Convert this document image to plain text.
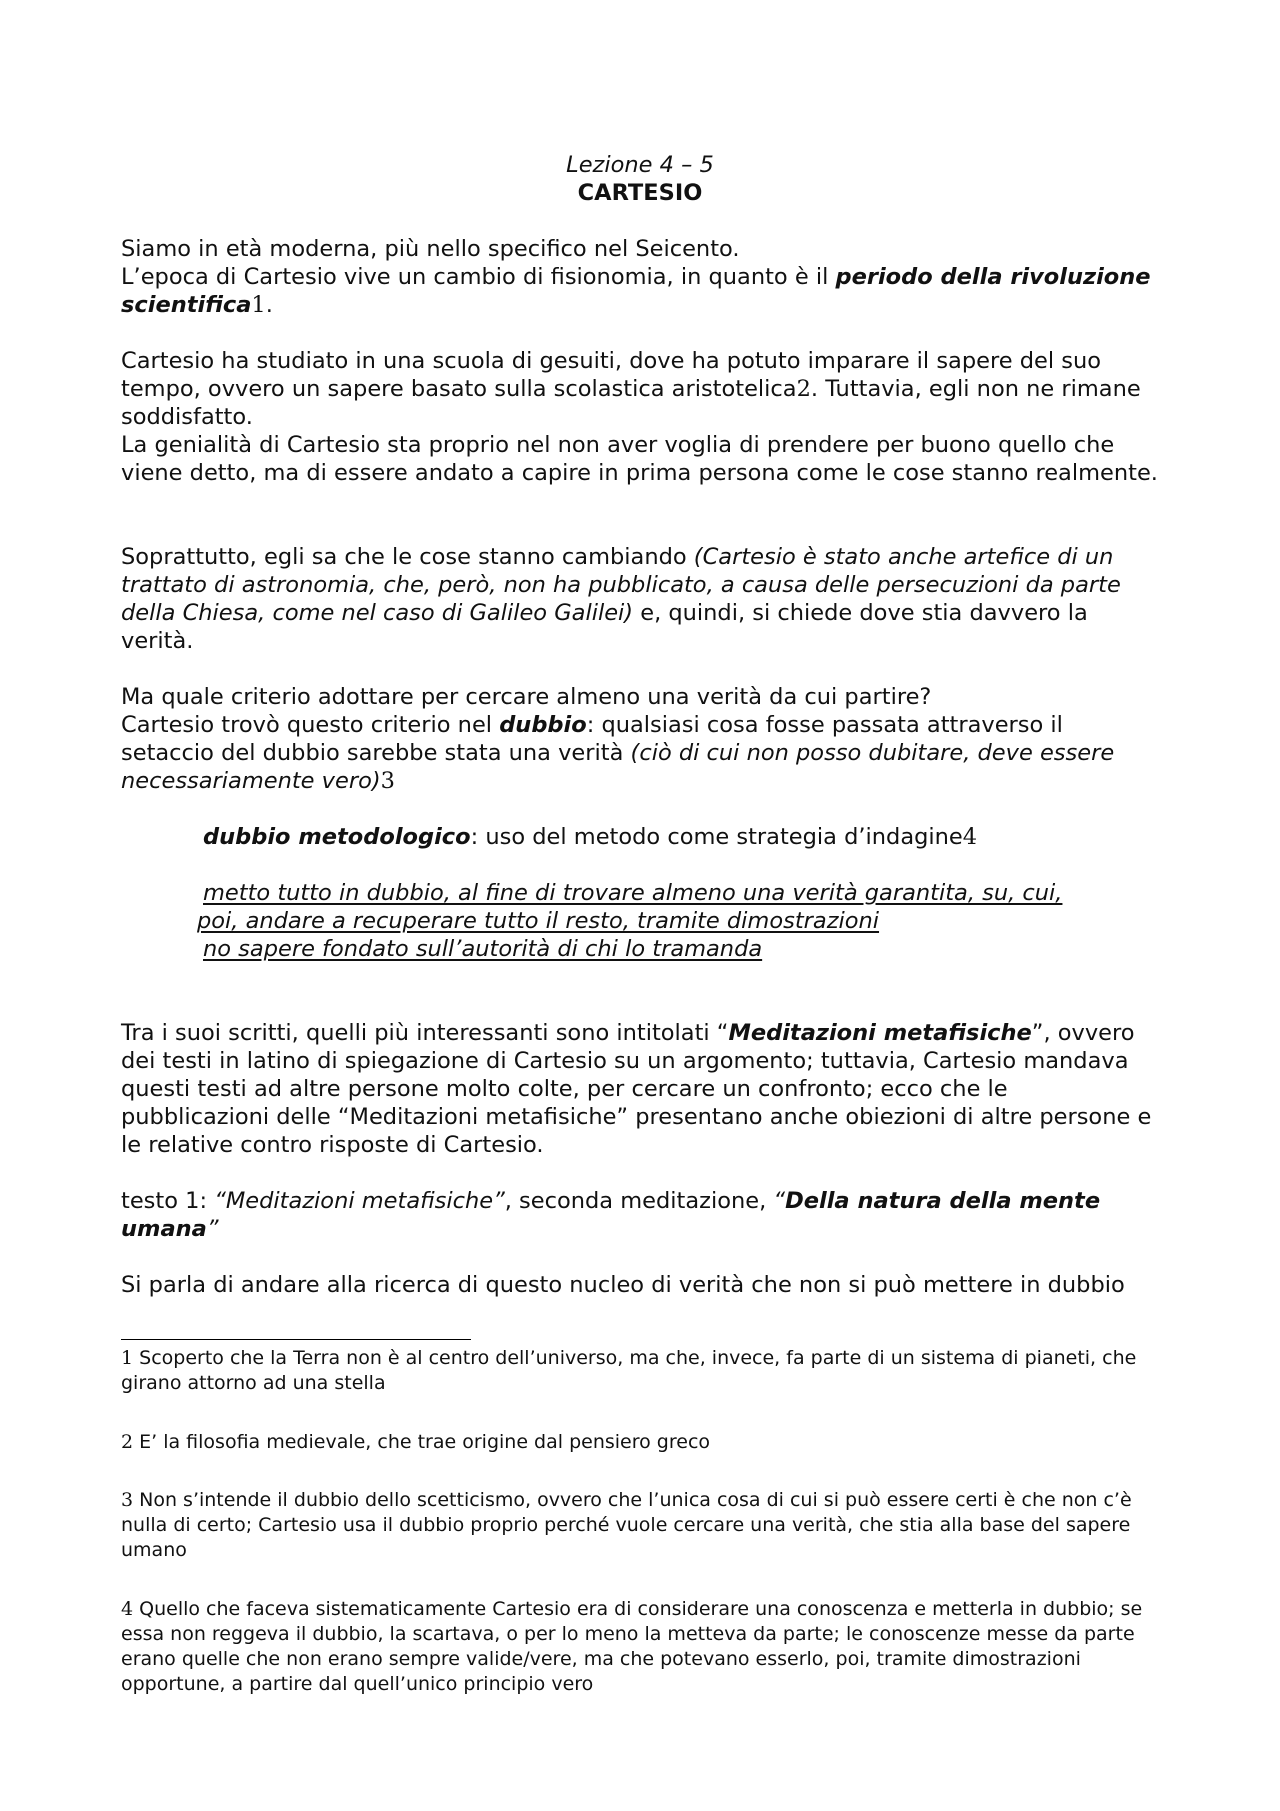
Lezione 4 – 5
CARTESIO

Siamo in età moderna, più nello specifico nel Seicento.
L’epoca di Cartesio vive un cambio di fisionomia, in quanto è il periodo della rivoluzione scientifica1.

Cartesio ha studiato in una scuola di gesuiti, dove ha potuto imparare il sapere del suo tempo, ovvero un sapere basato sulla scolastica aristotelica2. Tuttavia, egli non ne rimane soddisfatto.

La genialità di Cartesio sta proprio nel non aver voglia di prendere per buono quello che viene detto, ma di essere andato a capire in prima persona come le cose stanno realmente.

Soprattutto, egli sa che le cose stanno cambiando (Cartesio è stato anche artefice di un trattato di astronomia, che, però, non ha pubblicato, a causa delle persecuzioni da parte della Chiesa, come nel caso di Galileo Galilei) e, quindi, si chiede dove stia davvero la verità.

Ma quale criterio adottare per cercare almeno una verità da cui partire?
Cartesio trovò questo criterio nel dubbio: qualsiasi cosa fosse passata attraverso il setaccio del dubbio sarebbe stata una verità (ciò di cui non posso dubitare, deve essere necessariamente vero)3

dubbio metodologico: uso del metodo come strategia d’indagine4
metto tutto in dubbio, al fine di trovare almeno una verità garantita, su, cui,
poi, andare a recuperare tutto il resto, tramite dimostrazioni
no sapere fondato sull’autorità di chi lo tramanda

Tra i suoi scritti, quelli più interessanti sono intitolati “Meditazioni metafisiche”, ovvero dei testi in latino di spiegazione di Cartesio su un argomento; tuttavia, Cartesio mandava questi testi ad altre persone molto colte, per cercare un confronto; ecco che le pubblicazioni delle “Meditazioni metafisiche” presentano anche obiezioni di altre persone e le relative contro risposte di Cartesio.

testo 1: “Meditazioni metafisiche”, seconda meditazione, “Della natura della mente umana”

Si parla di andare alla ricerca di questo nucleo di verità che non si può mettere in dubbio

1 Scoperto che la Terra non è al centro dell’universo, ma che, invece, fa parte di un sistema di pianeti, che girano attorno ad una stella

2 E’ la filosofia medievale, che trae origine dal pensiero greco

3 Non s’intende il dubbio dello scetticismo, ovvero che l’unica cosa di cui si può essere certi è che non c’è nulla di certo; Cartesio usa il dubbio proprio perché vuole cercare una verità, che stia alla base del sapere umano

4 Quello che faceva sistematicamente Cartesio era di considerare una conoscenza e metterla in dubbio; se essa non reggeva il dubbio, la scartava, o per lo meno la metteva da parte; le conoscenze messe da parte erano quelle che non erano sempre valide/vere, ma che potevano esserlo, poi, tramite dimostrazioni opportune, a partire dal quell’unico principio vero
